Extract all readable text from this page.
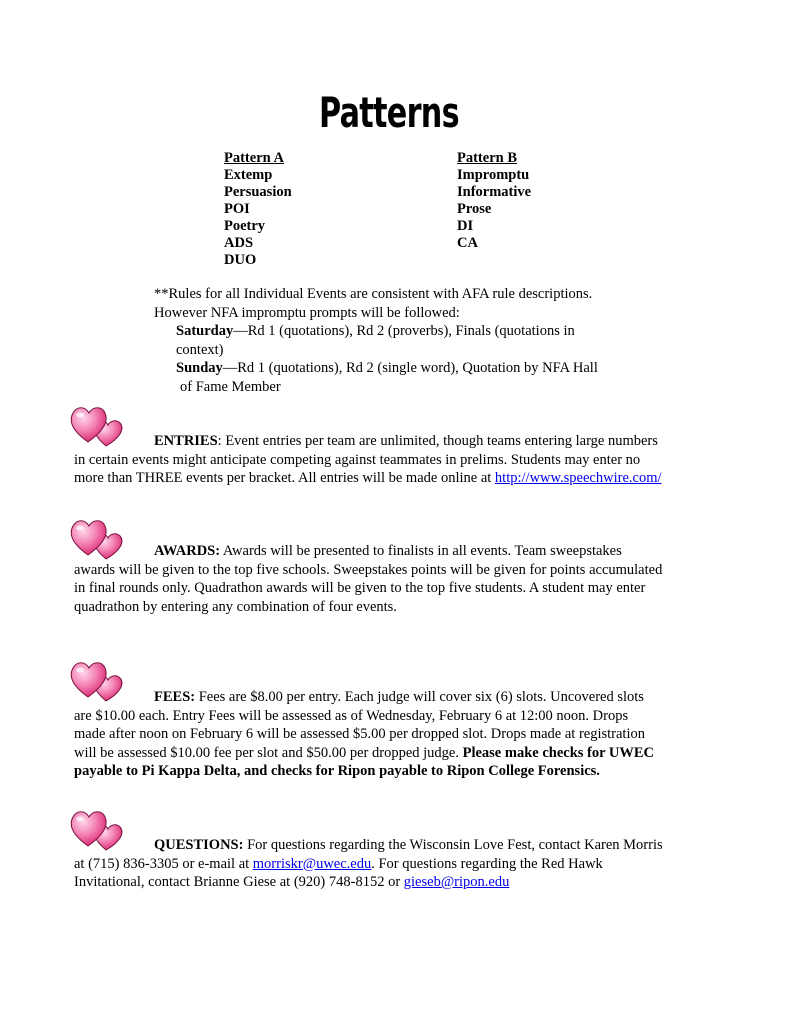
Patterns
Pattern A
Extemp
Persuasion
POI
Poetry
ADS
DUO
Pattern B
Impromptu
Informative
Prose
DI
CA
**Rules for all Individual Events are consistent with AFA rule descriptions.
However NFA impromptu prompts will be followed:
Saturday—Rd 1 (quotations), Rd 2 (proverbs), Finals (quotations in
context)
Sunday—Rd 1 (quotations), Rd 2 (single word), Quotation by NFA Hall
of Fame Member
ENTRIES: Event entries per team are unlimited, though teams entering large numbers
in certain events might anticipate competing against teammates in prelims. Students may enter no
more than THREE events per bracket. All entries will be made online at http://www.speechwire.com/
AWARDS: Awards will be presented to finalists in all events. Team sweepstakes
awards will be given to the top five schools. Sweepstakes points will be given for points accumulated
in final rounds only. Quadrathon awards will be given to the top five students. A student may enter
quadrathon by entering any combination of four events.
FEES: Fees are $8.00 per entry. Each judge will cover six (6) slots. Uncovered slots
are $10.00 each. Entry Fees will be assessed as of Wednesday, February 6 at 12:00 noon. Drops
made after noon on February 6 will be assessed $5.00 per dropped slot. Drops made at registration
will be assessed $10.00 fee per slot and $50.00 per dropped judge. Please make checks for UWEC
payable to Pi Kappa Delta, and checks for Ripon payable to Ripon College Forensics.
QUESTIONS: For questions regarding the Wisconsin Love Fest, contact Karen Morris
at (715) 836-3305 or e-mail at morriskr@uwec.edu. For questions regarding the Red Hawk
Invitational, contact Brianne Giese at (920) 748-8152 or gieseb@ripon.edu
